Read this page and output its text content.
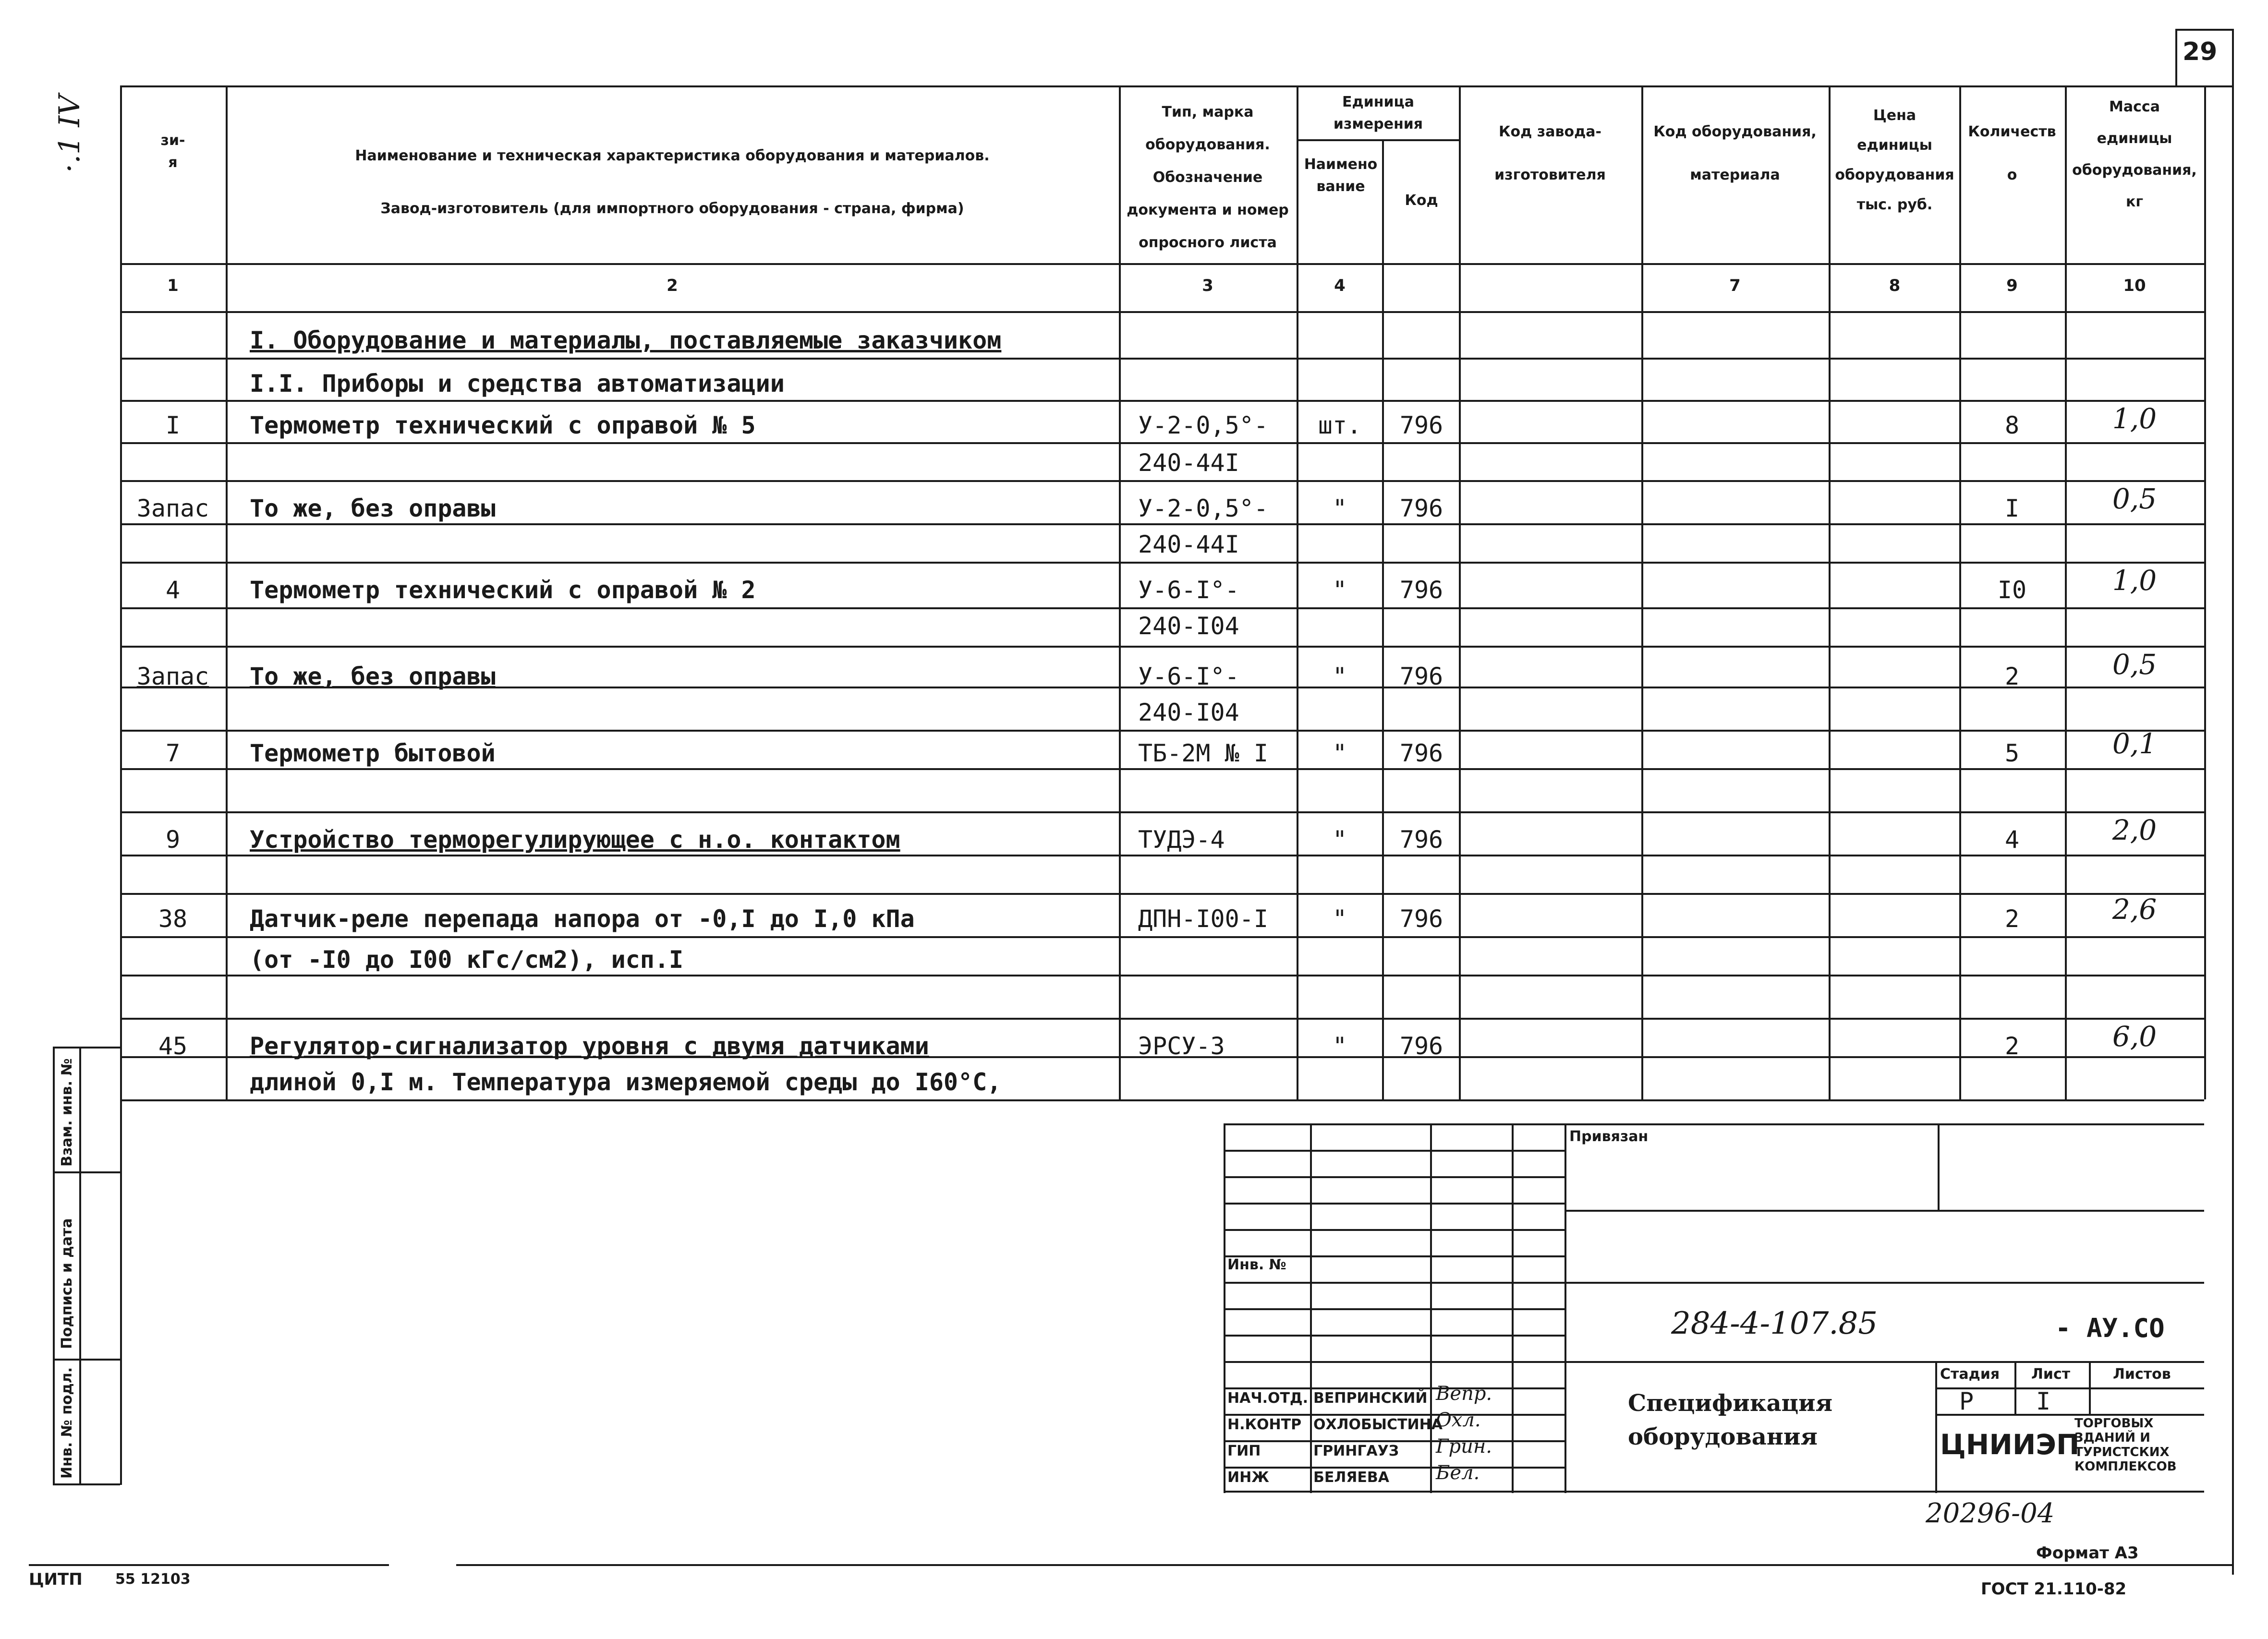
29
·.1 IV	зи-
я	Наименование и техническая характеристика оборудования и материалов.
Завод-изготовитель (для импортного оборудования - страна, фирма)
Тип, марка оборудования. Обозначение документа и номер опросного листа
Единица измерения
Наименование
Код
Код завода-изготовителя
Код оборудования, материала
Цена единицы оборудования тыс. руб.
Количество
Масса единицы оборудования, кг
1	2	3	4	7	8	9	10
I. Оборудование и материалы, поставляемые заказчиком
I.I. Приборы и средства автоматизации
I	Термометр технический с оправой № 5	У-2-0,5°-
240-44I
шт.	796	8	1,0
Запас	То же, без оправы	У-2-0,5°-
240-44I
"	796	I	0,5
4	Термометр технический с оправой № 2	У-6-I°-
240-I04
"	796	I0	1,0
Запас	То же, без оправы	У-6-I°-
240-I04
"	796	2	0,5
7	Термометр бытовой	ТБ-2М № I	"	796	5	0,1
9	Устройство терморегулирующее с н.о. контактом	ТУДЭ-4	"	796	4	2,0
38	Датчик-реле перепада напора от -0,I до I,0 кПа
(от -I0 до I00 кГс/см2), исп.I
ДПН-I00-I	"	796	2	2,6
45	Регулятор-сигнализатор уровня с двумя датчиками
длиной 0,I м. Температура измеряемой среды до I60°С,
ЭРСУ-3	"	796	2	6,0
Взам. инв. №
Подпись и дата
Инв. № подл.
Привязан
Инв. №
284-4-107.85	- АУ.СО
Спецификация
оборудования
Стадия Лист	Листов
Р	I
ЦНИИЭП
ТОРГОВЫХ ЗДАНИЙ И ТУРИСТСКИХ КОМПЛЕКСОВ
НАЧ.ОТД. ВЕПРИНСКИЙ Вепр.
Н.КОНТР ОХЛОБЫСТИНА
Охл.
ГИП	ГРИНГАУЗ Грин.
ИНЖ	БЕЛЯЕВА Бел.
20296-04
Формат А3
ГОСТ 21.110-82
ЦИТП 55 12103
